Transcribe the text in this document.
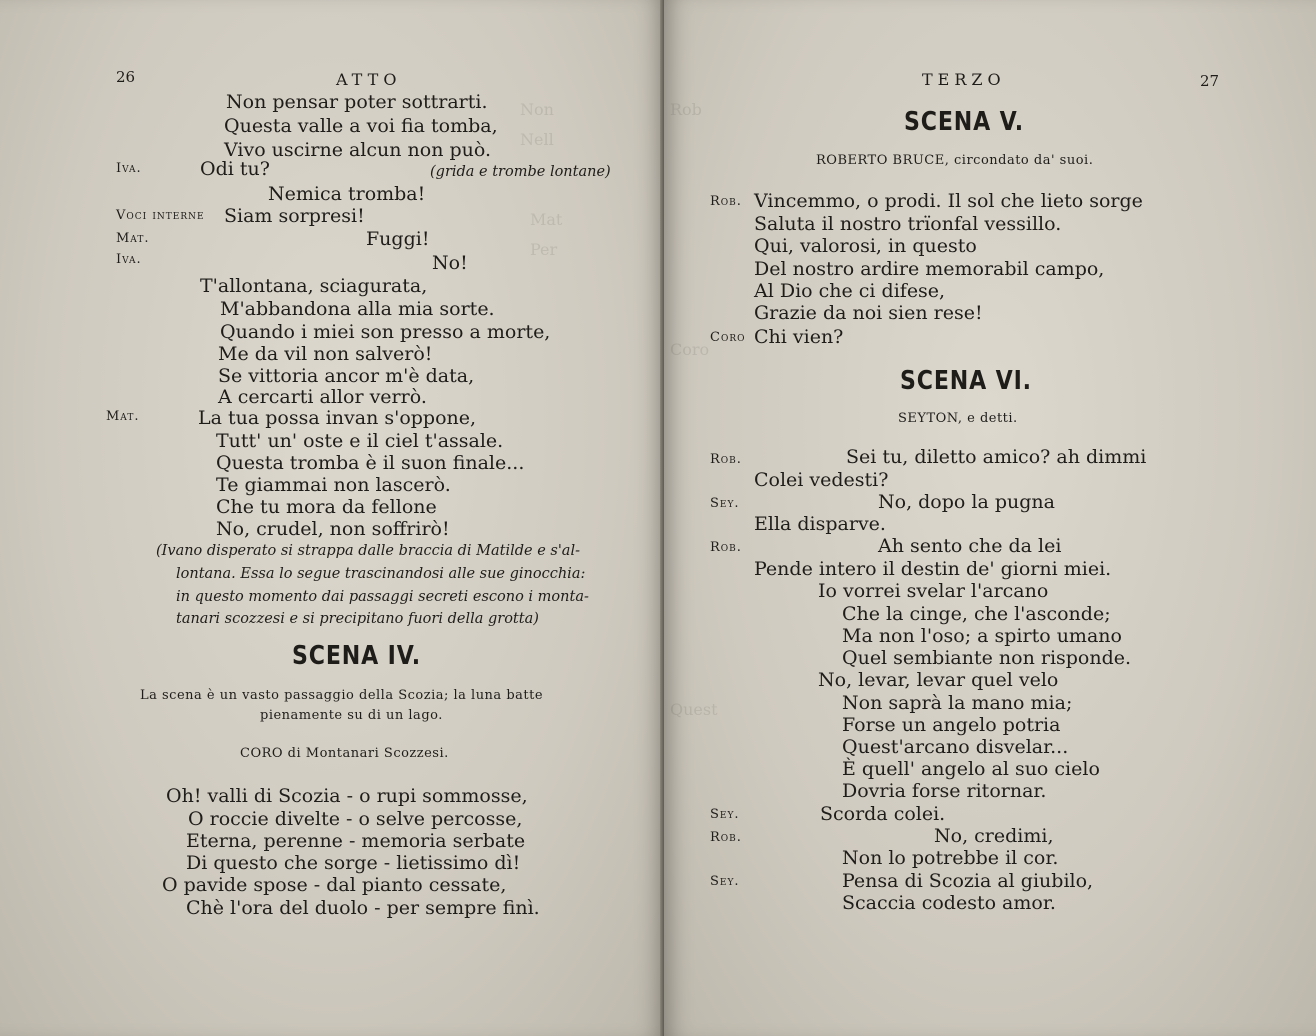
Non
Nell
Mat
Per
26	ATTO
Non pensar poter sottrarti.
Questa valle a voi fia tomba,
Vivo uscirne alcun non può.
Iva.	Odi tu?	(grida e trombe lontane)
Nemica tromba!
Voci interne Siam sorpresi!
Mat.	Fuggi!
Iva.	No!
T'allontana, sciagurata,
M'abbandona alla mia sorte.
Quando i miei son presso a morte,
Me da vil non salverò!
Se vittoria ancor m'è data,
A cercarti allor verrò.
Mat.	La tua possa invan s'oppone,
Tutt' un' oste e il ciel t'assale.
Questa tromba è il suon finale...
Te giammai non lascerò.
Che tu mora da fellone
No, crudel, non soffrirò!
(Ivano disperato si strappa dalle braccia di Matilde e s'al-
lontana. Essa lo segue trascinandosi alle sue ginocchia:
in questo momento dai passaggi secreti escono i monta-
tanari scozzesi e si precipitano fuori della grotta)
SCENA IV.
La scena è un vasto passaggio della Scozia; la luna batte
pienamente su di un lago.
CORO di Montanari Scozzesi.
Oh! valli di Scozia - o rupi sommosse,
O roccie divelte - o selve percosse,
Eterna, perenne - memoria serbate
Di questo che sorge - lietissimo dì!
O pavide spose - dal pianto cessate,
Chè l'ora del duolo - per sempre finì.
Rob
Coro
Quest
TERZO	27
SCENA V.
ROBERTO BRUCE, circondato da' suoi.
Rob. Vincemmo, o prodi. Il sol che lieto sorge
Saluta il nostro trïonfal vessillo.
Qui, valorosi, in questo
Del nostro ardire memorabil campo,
Al Dio che ci difese,
Grazie da noi sien rese!
Coro Chi vien?
SCENA VI.
SEYTON, e detti.
Rob.	Sei tu, diletto amico? ah dimmi
Colei vedesti?
Sey.	No, dopo la pugna
Ella disparve.
Rob.	Ah sento che da lei
Pende intero il destin de' giorni miei.
Io vorrei svelar l'arcano
Che la cinge, che l'asconde;
Ma non l'oso; a spirto umano
Quel sembiante non risponde.
No, levar, levar quel velo
Non saprà la mano mia;
Forse un angelo potria
Quest'arcano disvelar...
È quell' angelo al suo cielo
Dovria forse ritornar.
Sey.	Scorda colei.
Rob.	No, credimi,
Non lo potrebbe il cor.
Sey.	Pensa di Scozia al giubilo,
Scaccia codesto amor.
